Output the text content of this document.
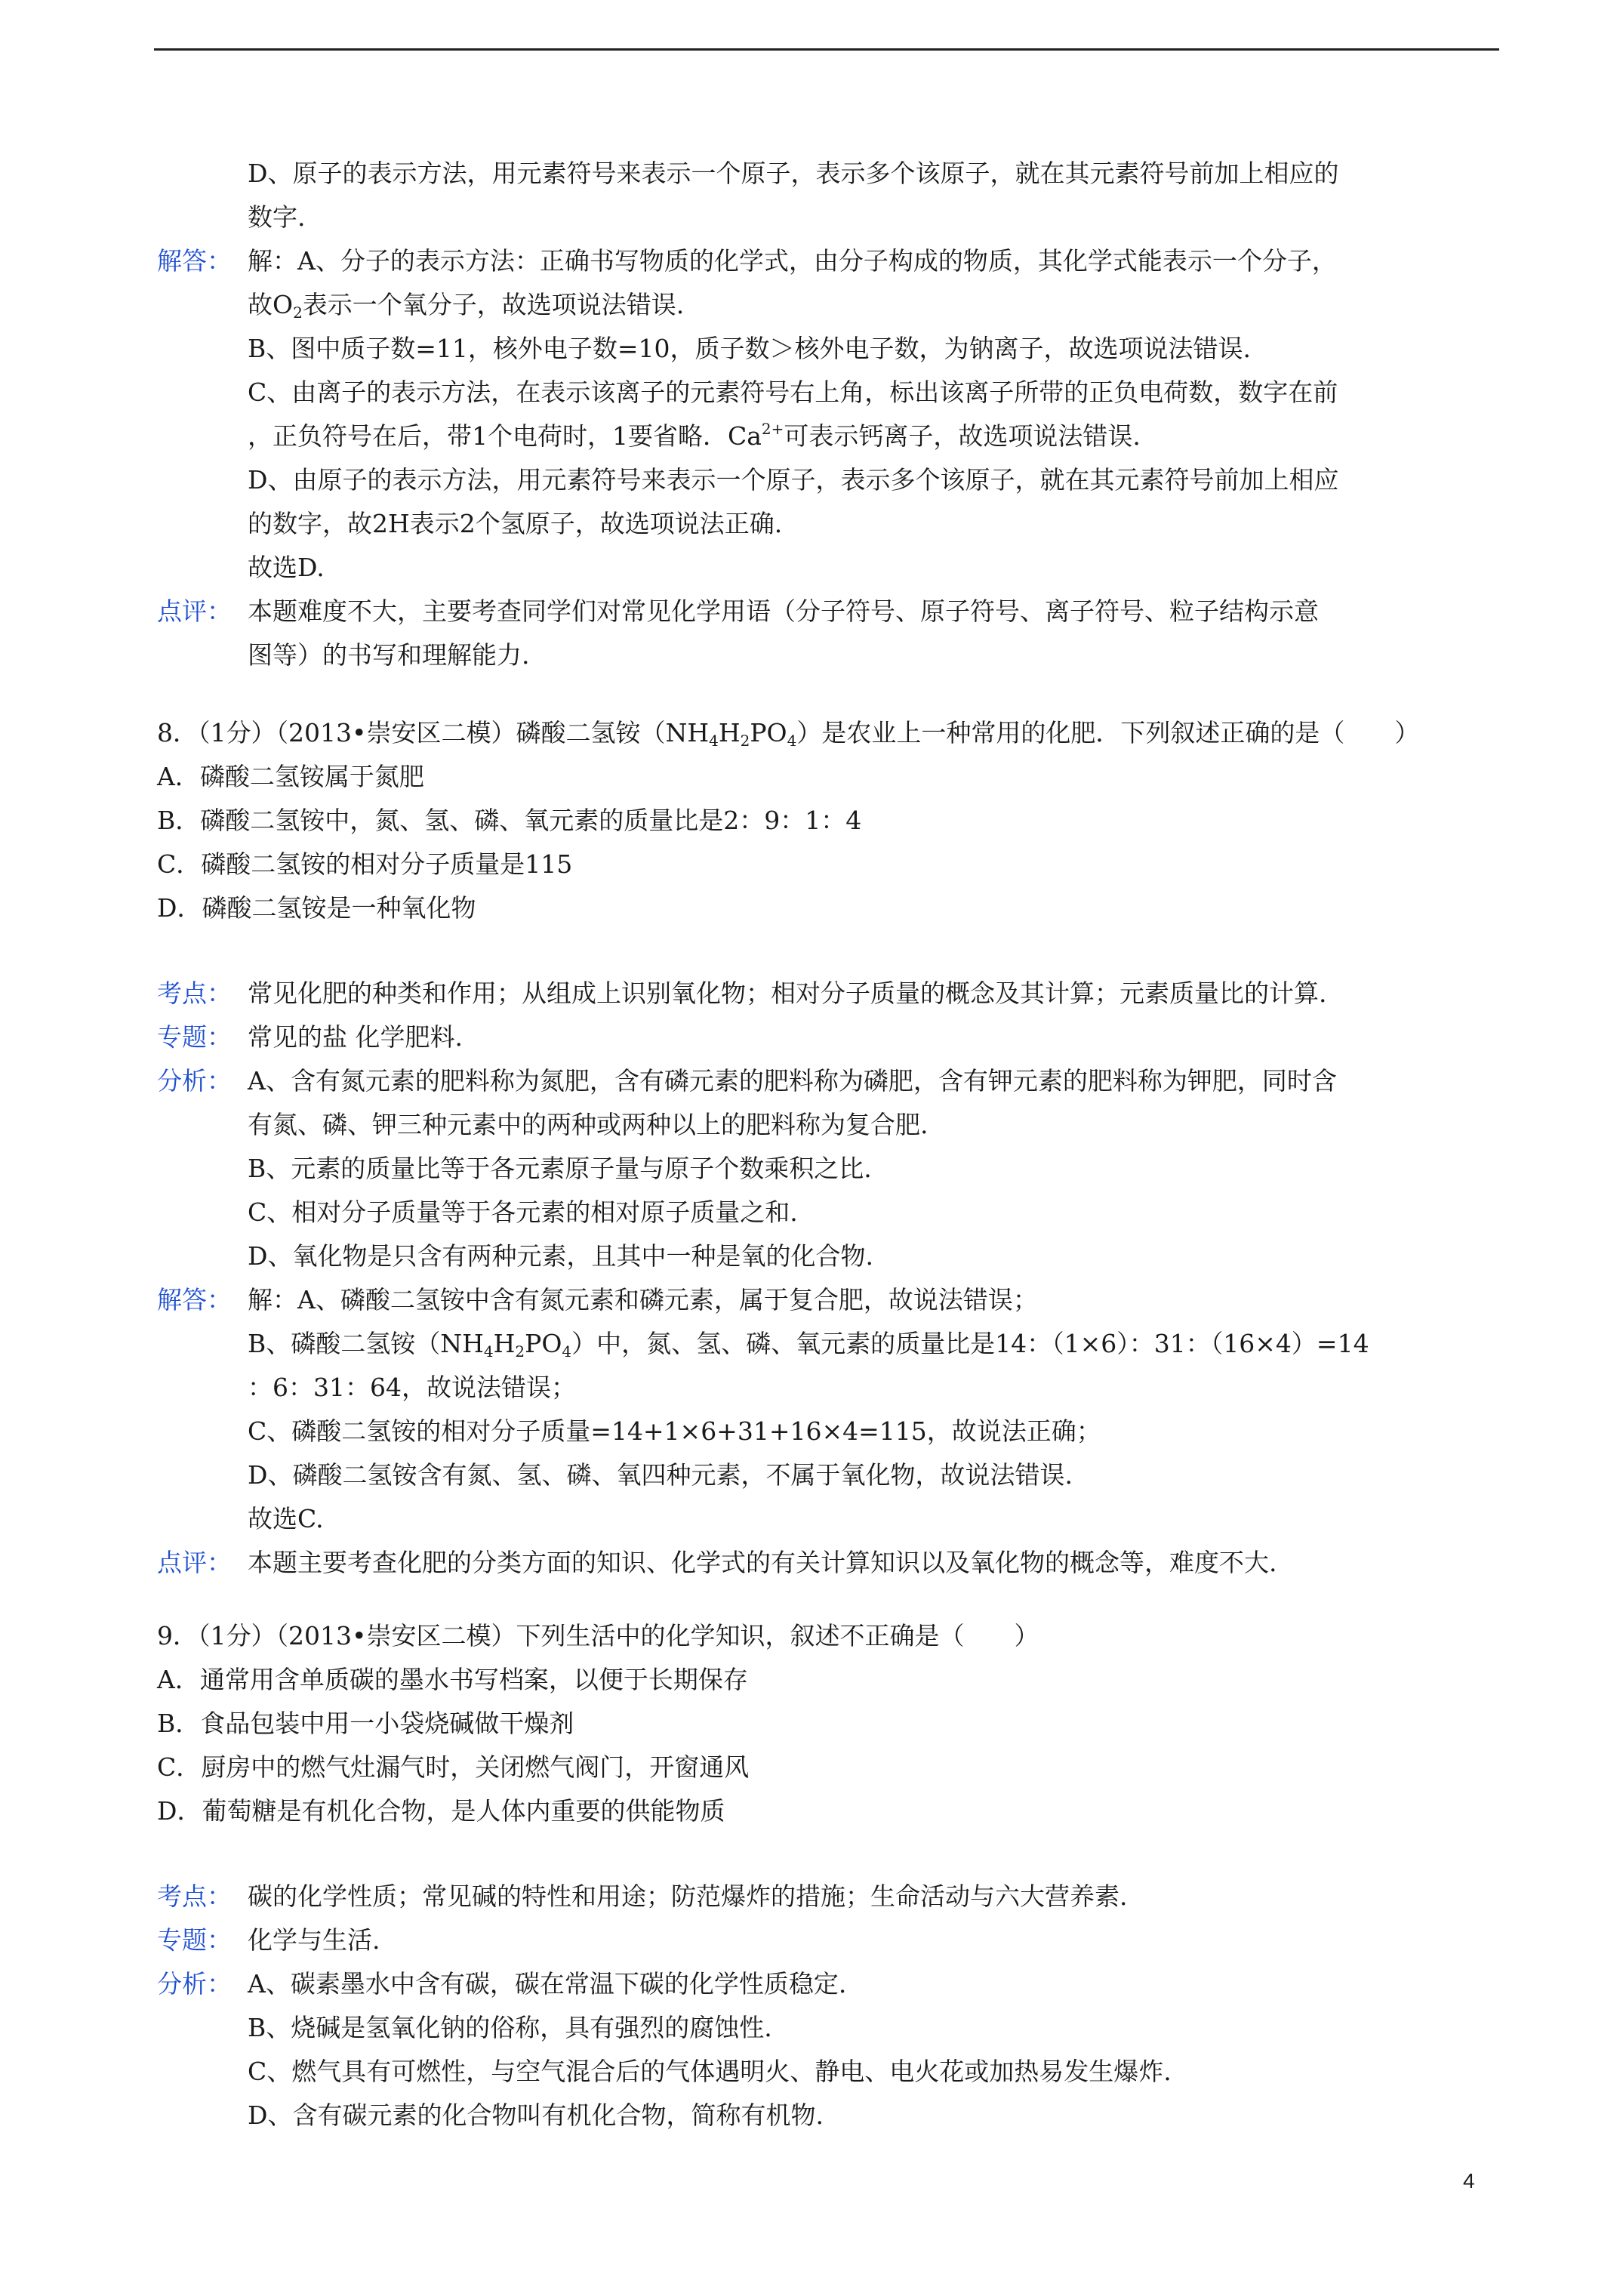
D、原子的表示方法，用元素符号来表示一个原子，表示多个该原子，就在其元素符号前加上相应的
数字.
解答： 解：A、分子的表示方法：正确书写物质的化学式，由分子构成的物质，其化学式能表示一个分子，
故$O_2$表示一个氧分子，故选项说法错误.
B、图中质子数=11，核外电子数=10，质子数＞核外电子数，为钠离子，故选项说法错误.
C、由离子的表示方法，在表示该离子的元素符号右上角，标出该离子所带的正负电荷数，数字在前
，正负符号在后，带1个电荷时，1要省略．$Ca^{2+}$可表示钙离子，故选项说法错误.
D、由原子的表示方法，用元素符号来表示一个原子，表示多个该原子，就在其元素符号前加上相应
的数字，故2H表示2个氢原子，故选项说法正确.
故选D.
点评： 本题难度不大，主要考查同学们对常见化学用语（分子符号、原子符号、离子符号、粒子结构示意
图等）的书写和理解能力.
8．（1分）（2013•崇安区二模）磷酸二氢铵$(NH_4H_2PO_4)$是农业上一种常用的化肥．下列叙述正确的是（　　）
A．磷酸二氢铵属于氮肥
B．磷酸二氢铵中，氮、氢、磷、氧元素的质量比是2：9：1：4
C．磷酸二氢铵的相对分子质量是115
D．磷酸二氢铵是一种氧化物
考点： 常见化肥的种类和作用；从组成上识别氧化物；相对分子质量的概念及其计算；元素质量比的计算.
专题： 常见的盐 化学肥料.
分析： A、含有氮元素的肥料称为氮肥，含有磷元素的肥料称为磷肥，含有钾元素的肥料称为钾肥，同时含
有氮、磷、钾三种元素中的两种或两种以上的肥料称为复合肥.
B、元素的质量比等于各元素原子量与原子个数乘积之比.
C、相对分子质量等于各元素的相对原子质量之和.
D、氧化物是只含有两种元素，且其中一种是氧的化合物.
解答： 解：A、磷酸二氢铵中含有氮元素和磷元素，属于复合肥，故说法错误；
B、磷酸二氢铵$(NH_4H_2PO_4)$中，氮、氢、磷、氧元素的质量比是14：（1×6）：31：（16×4）=14
：6：31：64，故说法错误；
C、磷酸二氢铵的相对分子质量=14+1×6+31+16×4=115，故说法正确；
D、磷酸二氢铵含有氮、氢、磷、氧四种元素，不属于氧化物，故说法错误.
故选C.
点评： 本题主要考查化肥的分类方面的知识、化学式的有关计算知识以及氧化物的概念等，难度不大.
9．（1分）（2013•崇安区二模）下列生活中的化学知识，叙述不正确是（　　）
A．通常用含单质碳的墨水书写档案，以便于长期保存
B．食品包装中用一小袋烧碱做干燥剂
C．厨房中的燃气灶漏气时，关闭燃气阀门，开窗通风
D．葡萄糖是有机化合物，是人体内重要的供能物质
考点： 碳的化学性质；常见碱的特性和用途；防范爆炸的措施；生命活动与六大营养素.
专题： 化学与生活.
分析： A、碳素墨水中含有碳，碳在常温下碳的化学性质稳定.
B、烧碱是氢氧化钠的俗称，具有强烈的腐蚀性.
C、燃气具有可燃性，与空气混合后的气体遇明火、静电、电火花或加热易发生爆炸.
D、含有碳元素的化合物叫有机化合物，简称有机物.
4
